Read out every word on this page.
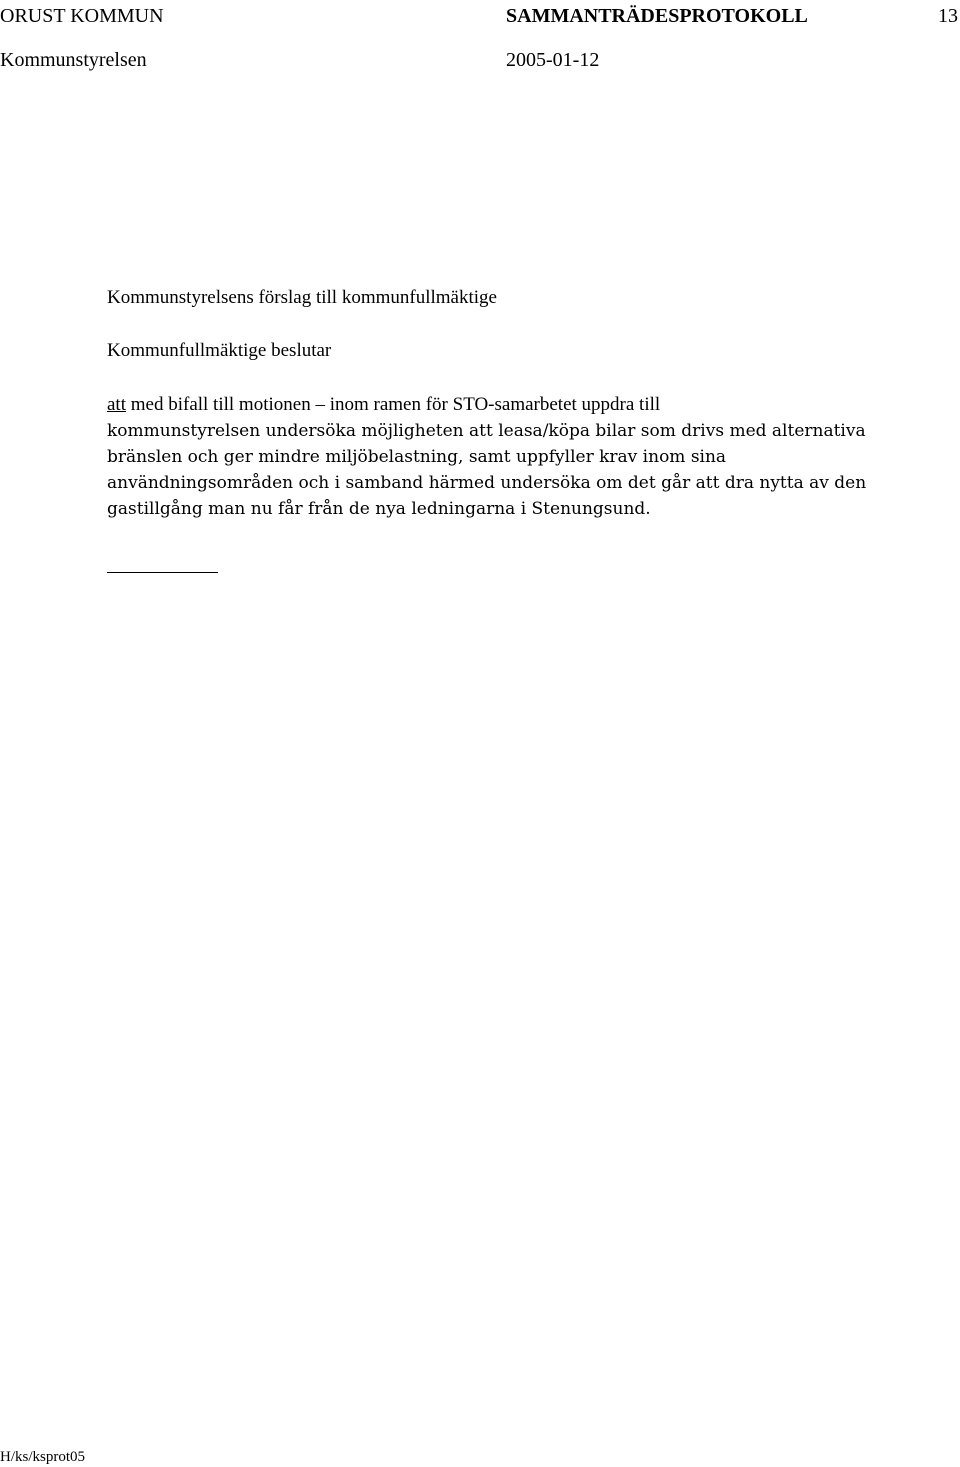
ORUST KOMMUN	SAMMANTRÄDESPROTOKOLL	13
Kommunstyrelsen	2005-01-12
Kommunstyrelsens förslag till kommunfullmäktige
Kommunfullmäktige beslutar
att med bifall till motionen – inom ramen för STO-samarbetet uppdra till
kommunstyrelsen undersöka möjligheten att leasa/köpa bilar som drivs med alternativa
bränslen och ger mindre miljöbelastning, samt uppfyller krav inom sina
användningsområden och i samband härmed undersöka om det går att dra nytta av den
gastillgång man nu får från de nya ledningarna i Stenungsund.
H/ks/ksprot05
